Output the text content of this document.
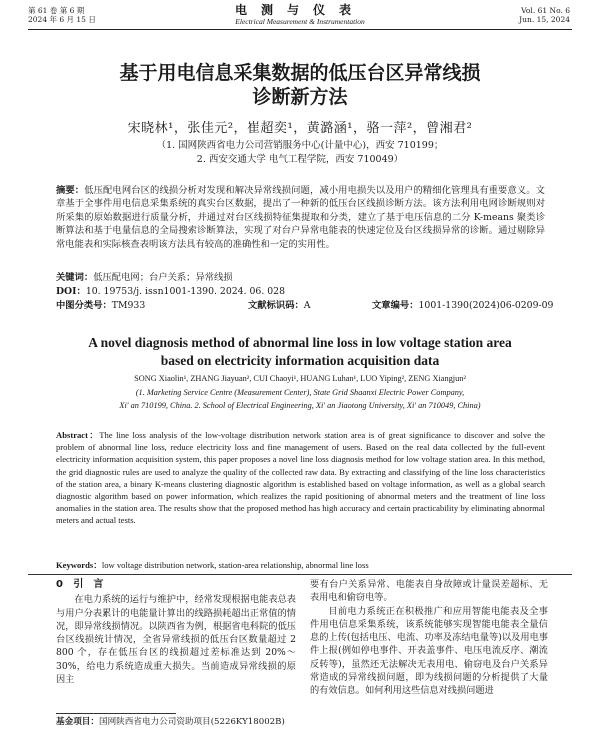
第 61 卷 第 6 期
2024 年 6 月 15 日
电测与仪表
Electrical Measurement & Instrumentation
Vol. 61 No. 6
Jun. 15, 2024
基于用电信息采集数据的低压台区异常线损
诊断新方法
宋晓林¹，张佳元²，崔超奕¹，黄潞涵¹，骆一萍²，曾湘君²
（1. 国网陕西省电力公司营销服务中心(计量中心)，西安 710199；
2. 西安交通大学 电气工程学院，西安 710049）
摘要：低压配电网台区的线损分析对发现和解决异常线损问题，减小用电损失以及用户的精细化管理具有重要意义。文章基于全事件用电信息采集系统的真实台区数据，提出了一种新的低压台区线损诊断方法。该方法利用电网诊断规则对所采集的原始数据进行质量分析，并通过对台区线损特征集提取和分类，建立了基于电压信息的二分 K-means 聚类诊断算法和基于电量信息的全局搜索诊断算法，实现了对台户异常电能表的快速定位及台区线损异常的诊断。通过剔除异常电能表和实际核查表明该方法具有较高的准确性和一定的实用性。
关键词：低压配电网；台户关系；异常线损
DOI：10. 19753/j. issn1001-1390. 2024. 06. 028
中图分类号：TM933	文献标识码：A	文章编号：1001-1390(2024)06-0209-09
A novel diagnosis method of abnormal line loss in low voltage station area
based on electricity information acquisition data
SONG Xiaolin¹, ZHANG Jiayuan², CUI Chaoyi¹, HUANG Luhan¹, LUO Yiping², ZENG Xiangjun²
(1. Marketing Service Centre (Measurement Center), State Grid Shaanxi Electric Power Company,
Xi' an 710199, China. 2. School of Electrical Engineering, Xi' an Jiaotong University, Xi' an 710049, China)
Abstract：The line loss analysis of the low-voltage distribution network station area is of great significance to discover and solve the problem of abnormal line loss, reduce electricity loss and fine management of users. Based on the real data collected by the full-event electricity information acquisition system, this paper proposes a novel line loss diagnosis method for low voltage station area. In this method, the grid diagnostic rules are used to analyze the quality of the collected raw data. By extracting and classifying of the line loss characteristics of the station area, a binary K-means clustering diagnostic algorithm is established based on voltage information, as well as a global search diagnostic algorithm based on power information, which realizes the rapid positioning of abnormal meters and the treatment of line loss anomalies in the station area. The results show that the proposed method has high accuracy and certain practicability by eliminating abnormal meters and actual tests.
Keywords：low voltage distribution network, station-area relationship, abnormal line loss
0 引　言
在电力系统的运行与维护中，经常发现根据电能表总表与用户分表累计的电能量计算出的线路损耗超出正常值的情况，即异常线损情况。以陕西省为例，根据省电科院的低压台区线损统计情况，全省异常线损的低压台区数量超过 2 800 个，存在低压台区的线损超过差标准达到 20%～30%，给电力系统造成重大损失。当前造成异常线损的原因主
要有台户关系异常、电能表自身故障或计量误差超标、无表用电和偷窃电等。
目前电力系统正在积极推广和应用智能电能表及全事件用电信息采集系统，该系统能够实现智能电能表全量信息的上传(包括电压、电流、功率及冻结电量等)以及用电事件上报(例如停电事件、开表盖事件、电压电流反序、潮流反转等)，虽然还无法解决无表用电、偷窃电及台户关系异常造成的异常线损问题，即为线损问题的分析提供了大量的有效信息。如何利用这些信息对线损问题进
基金项目：国网陕西省电力公司资助项目(5226KY18002B)
